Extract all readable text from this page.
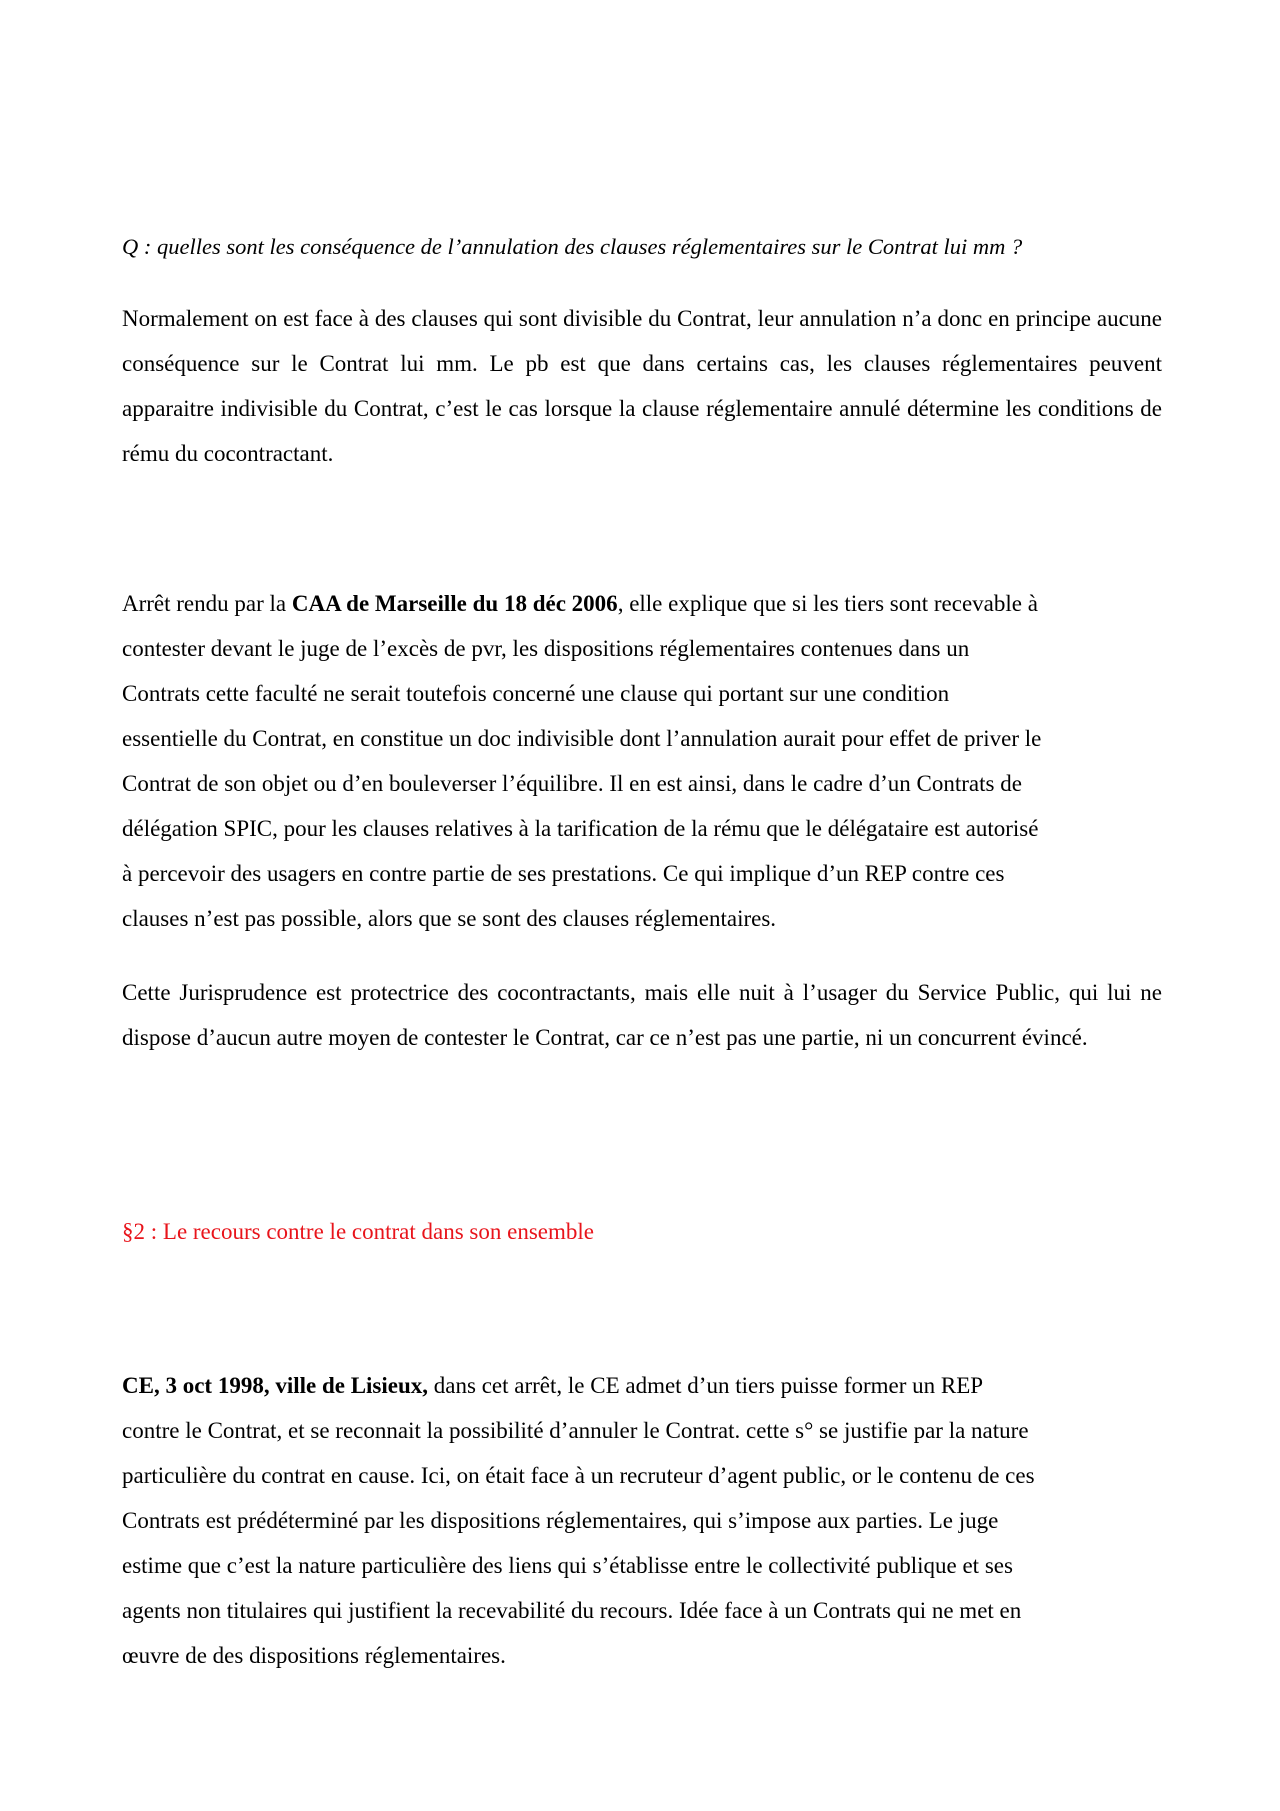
Q : quelles sont les conséquence de l’annulation des clauses réglementaires sur le Contrat lui mm ?
Normalement on est face à des clauses qui sont divisible du Contrat, leur annulation n’a donc en principe aucune conséquence sur le Contrat lui mm. Le pb est que dans certains cas, les clauses réglementaires peuvent apparaitre indivisible du Contrat, c’est le cas lorsque la clause réglementaire annulé détermine les conditions de rému du cocontractant.
Arrêt rendu par la CAA de Marseille du 18 déc 2006, elle explique que si les tiers sont recevable à
contester devant le juge de l’excès de pvr, les dispositions réglementaires contenues dans un
Contrats cette faculté ne serait toutefois concerné une clause qui portant sur une condition
essentielle du Contrat, en constitue un doc indivisible dont l’annulation aurait pour effet de priver le
Contrat de son objet ou d’en bouleverser l’équilibre. Il en est ainsi, dans le cadre d’un Contrats de
délégation SPIC, pour les clauses relatives à la tarification de la rému que le délégataire est autorisé
à percevoir des usagers en contre partie de ses prestations. Ce qui implique d’un REP contre ces
clauses n’est pas possible, alors que se sont des clauses réglementaires.
Cette Jurisprudence est protectrice des cocontractants, mais elle nuit à l’usager du Service Public, qui lui ne dispose d’aucun autre moyen de contester le Contrat, car ce n’est pas une partie, ni un concurrent évincé.
§2 : Le recours contre le contrat dans son ensemble
CE, 3 oct 1998, ville de Lisieux, dans cet arrêt, le CE admet d’un tiers puisse former un REP
contre le Contrat, et se reconnait la possibilité d’annuler le Contrat. cette s° se justifie par la nature
particulière du contrat en cause. Ici, on était face à un recruteur d’agent public, or le contenu de ces
Contrats est prédéterminé par les dispositions réglementaires, qui s’impose aux parties. Le juge
estime que c’est la nature particulière des liens qui s’établisse entre le collectivité publique et ses
agents non titulaires qui justifient la recevabilité du recours. Idée face à un Contrats qui ne met en
œuvre de des dispositions réglementaires.
